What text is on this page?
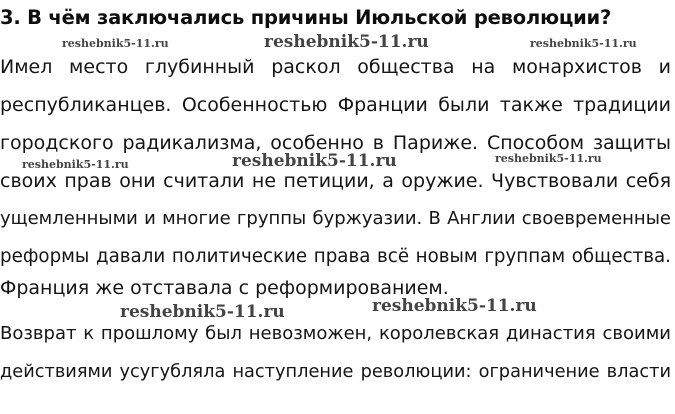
3. В чём заключались причины Июльской революции?
Имел место глубинный раскол общества на монархистов и
республиканцев. Особенностью Франции были также традиции
городского радикализма, особенно в Париже. Способом защиты
своих прав они считали не петиции, а оружие. Чувствовали себя
ущемленными и многие группы буржуазии. В Англии своевременные
реформы давали политические права всё новым группам общества.
Франция же отставала с реформированием.
Возврат к прошлому был невозможен, королевская династия своими
действиями усугубляла наступление революции: ограничение власти
reshebnik5-11.ru	reshebnik5-11.ru	reshebnik5-11.ru
reshebnik5-11.ru	reshebnik5-11.ru	reshebnik5-11.ru
reshebnik5-11.ru	reshebnik5-11.ru
